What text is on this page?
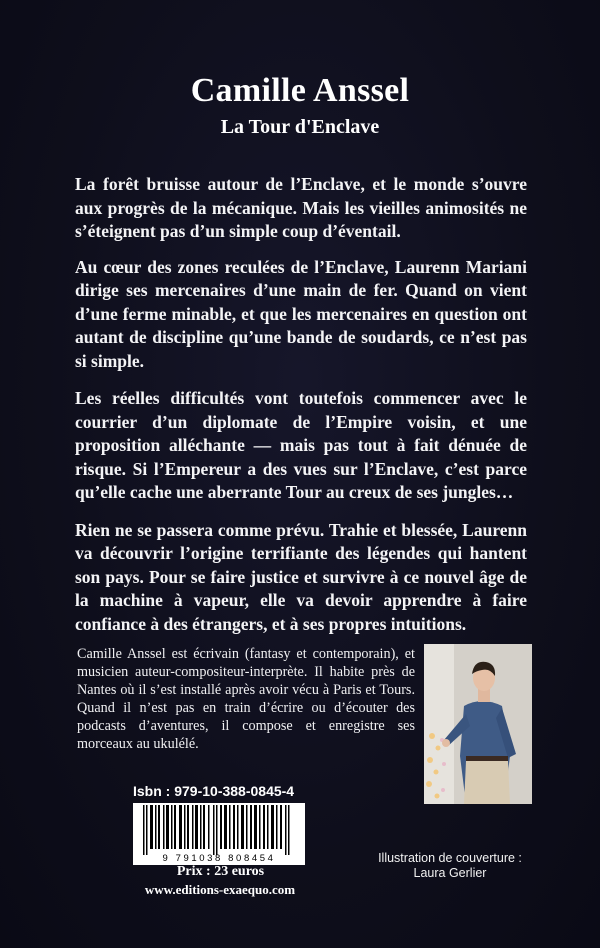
Camille Anssel
La Tour d'Enclave

La forêt bruisse autour de l’Enclave, et le monde s’ouvre aux progrès de la mécanique. Mais les vieilles animosités ne s’éteignent pas d’un simple coup d’éventail.

Au cœur des zones reculées de l’Enclave, Laurenn Mariani dirige ses mercenaires d’une main de fer. Quand on vient d’une ferme minable, et que les mercenaires en question ont autant de discipline qu’une bande de soudards, ce n’est pas si simple.

Les réelles difficultés vont toutefois commencer avec le courrier d’un diplomate de l’Empire voisin, et une proposition alléchante — mais pas tout à fait dénuée de risque. Si l’Empereur a des vues sur l’Enclave, c’est parce qu’elle cache une aberrante Tour au creux de ses jungles…

Rien ne se passera comme prévu. Trahie et blessée, Laurenn va découvrir l’origine terrifiante des légendes qui hantent son pays. Pour se faire justice et survivre à ce nouvel âge de la machine à vapeur, elle va devoir apprendre à faire confiance à des étrangers, et à ses propres intuitions.

Camille Anssel est écrivain (fantasy et contemporain), et musicien auteur-compositeur-interprète. Il habite près de Nantes où il s’est installé après avoir vécu à Paris et Tours. Quand il n’est pas en train d’écrire ou d’écouter des podcasts d’aventures, il compose et enregistre ses morceaux au ukulélé.
Isbn : 979-10-388-0845-4
9 791038 808454
Prix : 23 euros
www.editions-exaequo.com
Illustration de couverture :
Laura Gerlier
